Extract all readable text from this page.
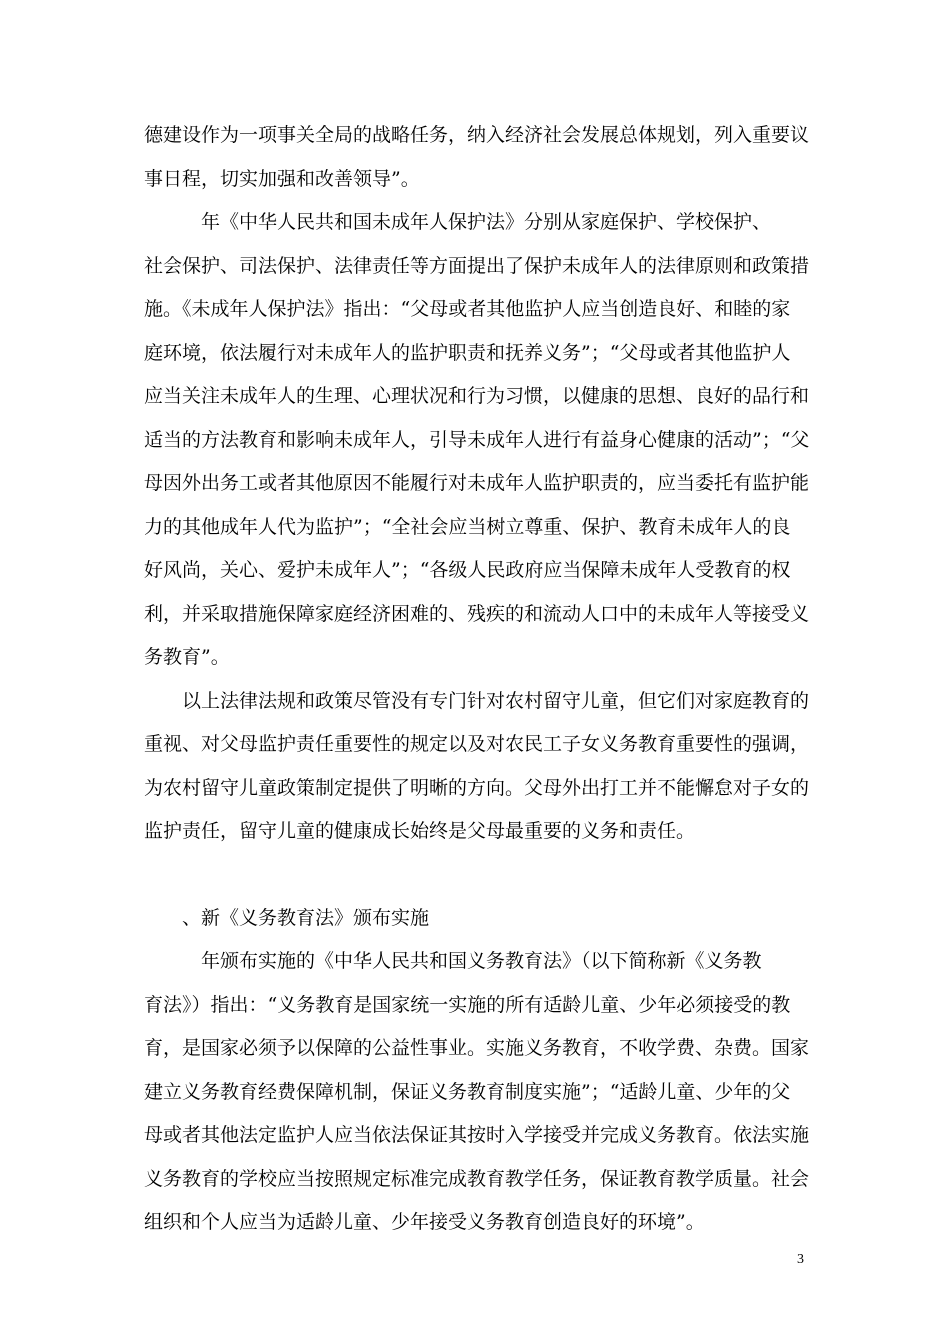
德建设作为一项事关全局的战略任务，纳入经济社会发展总体规划，列入重要议
事日程，切实加强和改善领导”。
　　　年《中华人民共和国未成年人保护法》分别从家庭保护、学校保护、
社会保护、司法保护、法律责任等方面提出了保护未成年人的法律原则和政策措
施。《未成年人保护法》指出：“父母或者其他监护人应当创造良好、和睦的家
庭环境，依法履行对未成年人的监护职责和抚养义务”；“父母或者其他监护人
应当关注未成年人的生理、心理状况和行为习惯，以健康的思想、良好的品行和
适当的方法教育和影响未成年人，引导未成年人进行有益身心健康的活动”；“父
母因外出务工或者其他原因不能履行对未成年人监护职责的，应当委托有监护能
力的其他成年人代为监护”；“全社会应当树立尊重、保护、教育未成年人的良
好风尚，关心、爱护未成年人”；“各级人民政府应当保障未成年人受教育的权
利，并采取措施保障家庭经济困难的、残疾的和流动人口中的未成年人等接受义
务教育”。
　　以上法律法规和政策尽管没有专门针对农村留守儿童，但它们对家庭教育的
重视、对父母监护责任重要性的规定以及对农民工子女义务教育重要性的强调，
为农村留守儿童政策制定提供了明晰的方向。父母外出打工并不能懈怠对子女的
监护责任，留守儿童的健康成长始终是父母最重要的义务和责任。
　　、新《义务教育法》颁布实施
　　　年颁布实施的《中华人民共和国义务教育法》（以下简称新《义务教
育法》）指出：“义务教育是国家统一实施的所有适龄儿童、少年必须接受的教
育，是国家必须予以保障的公益性事业。实施义务教育，不收学费、杂费。国家
建立义务教育经费保障机制，保证义务教育制度实施”；“适龄儿童、少年的父
母或者其他法定监护人应当依法保证其按时入学接受并完成义务教育。依法实施
义务教育的学校应当按照规定标准完成教育教学任务，保证教育教学质量。社会
组织和个人应当为适龄儿童、少年接受义务教育创造良好的环境”。
3
